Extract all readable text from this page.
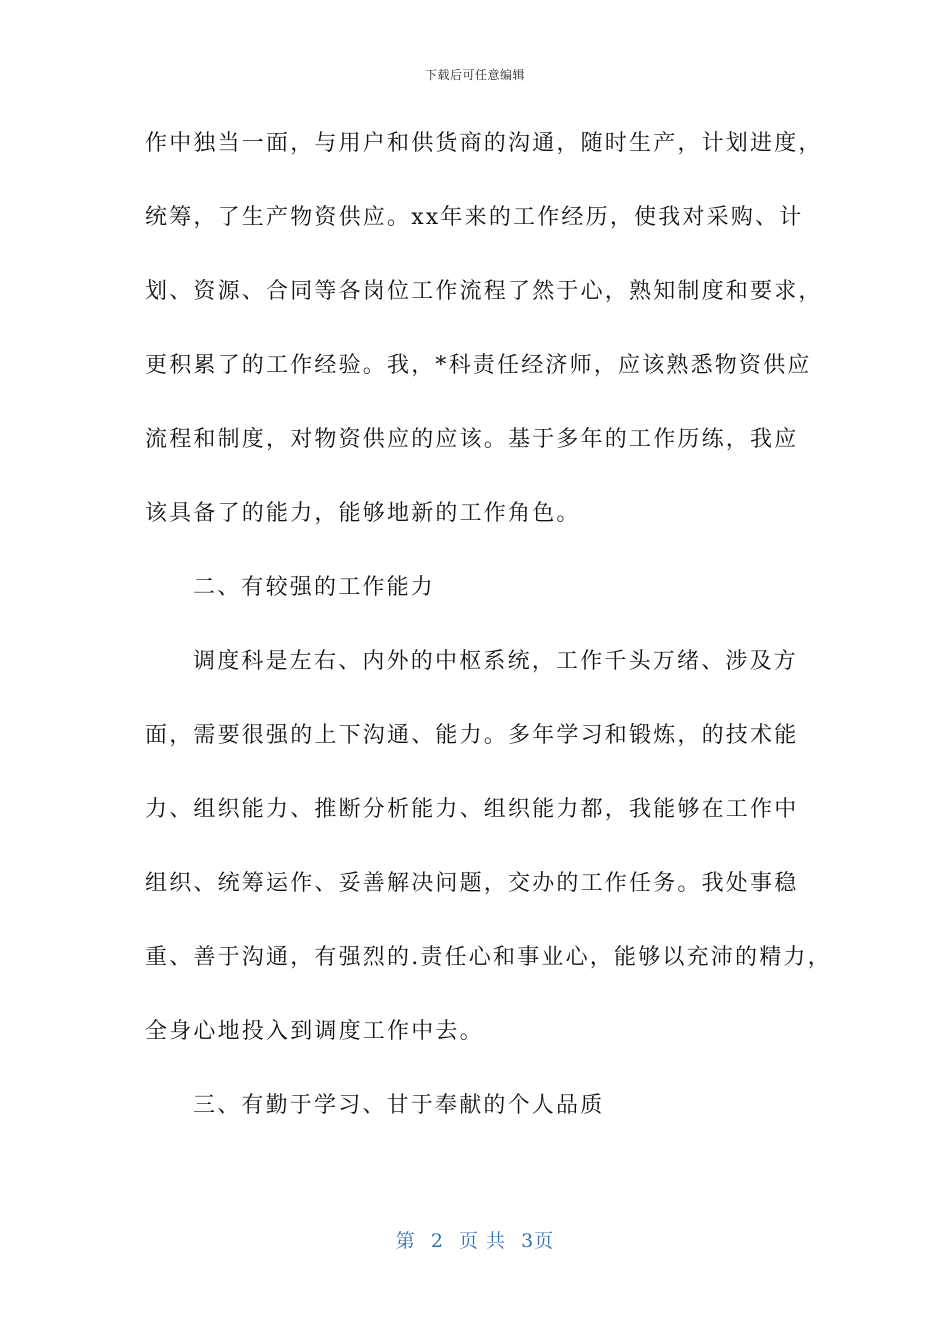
下载后可任意编辑
作中独当一面，与用户和供货商的沟通，随时生产，计划进度，
统筹，了生产物资供应。xx年来的工作经历，使我对采购、计
划、资源、合同等各岗位工作流程了然于心，熟知制度和要求，
更积累了的工作经验。我，*科责任经济师，应该熟悉物资供应
流程和制度，对物资供应的应该。基于多年的工作历练，我应
该具备了的能力，能够地新的工作角色。
二、有较强的工作能力
调度科是左右、内外的中枢系统，工作千头万绪、涉及方
面，需要很强的上下沟通、能力。多年学习和锻炼，的技术能
力、组织能力、推断分析能力、组织能力都，我能够在工作中
组织、统筹运作、妥善解决问题，交办的工作任务。我处事稳
重、善于沟通，有强烈的.责任心和事业心，能够以充沛的精力，
全身心地投入到调度工作中去。
三、有勤于学习、甘于奉献的个人品质
第 2 页 共 3页
